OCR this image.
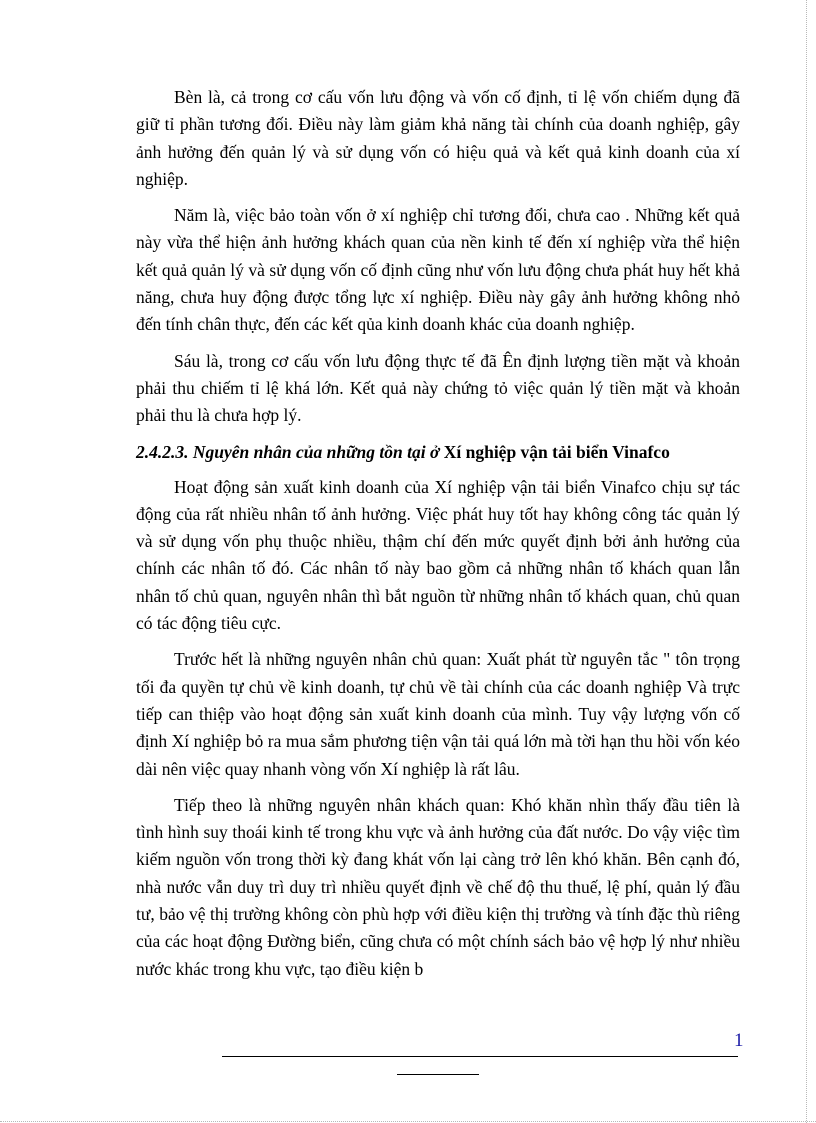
Bèn là, cả trong cơ cấu vốn lưu động và vốn cố định, tỉ lệ vốn chiếm dụng đã giữ tỉ phần tương đối. Điều này làm giảm khả năng tài chính của doanh nghiệp, gây ảnh hưởng đến quản lý và sử dụng vốn có hiệu quả và kết quả kinh doanh của xí nghiệp.

Năm là, việc bảo toàn vốn ở xí nghiệp chỉ tương đối, chưa cao . Những kết quả này vừa thể hiện ảnh hưởng khách quan của nền kinh tế đến xí nghiệp vừa thể hiện kết quả quản lý và sử dụng vốn cố định cũng như vốn lưu động chưa phát huy hết khả năng, chưa huy động được tổng lực xí nghiệp. Điều này gây ảnh hưởng không nhỏ đến tính chân thực, đến các kết qủa kinh doanh khác của doanh nghiệp.

Sáu là, trong cơ cấu vốn lưu động thực tế đã Ên định lượng tiền mặt và khoản phải thu chiếm tỉ lệ khá lớn. Kết quả này chứng tỏ việc quản lý tiền mặt và khoản phải thu là chưa hợp lý.

2.4.2.3. Nguyên nhân của những tồn tại ở Xí nghiệp vận tải biển Vinafco

Hoạt động sản xuất kinh doanh của Xí nghiệp vận tải biển Vinafco chịu sự tác động của rất nhiều nhân tố ảnh hưởng. Việc phát huy tốt hay không công tác quản lý và sử dụng vốn phụ thuộc nhiều, thậm chí đến mức quyết định bởi ảnh hưởng của chính các nhân tố đó. Các nhân tố này bao gồm cả những nhân tố khách quan lẫn nhân tố chủ quan, nguyên nhân thì bắt nguồn từ những nhân tố khách quan, chủ quan có tác động tiêu cực.

Trước hết là những nguyên nhân chủ quan: Xuất phát từ nguyên tắc " tôn trọng tối đa quyền tự chủ về kinh doanh, tự chủ về tài chính của các doanh nghiệp Và trực tiếp can thiệp vào hoạt động sản xuất kinh doanh của mình. Tuy vậy lượng vốn cố định Xí nghiệp bỏ ra mua sắm phương tiện vận tải quá lớn mà tời hạn thu hồi vốn kéo dài nên việc quay nhanh vòng vốn Xí nghiệp là rất lâu.

Tiếp theo là những nguyên nhân khách quan: Khó khăn nhìn thấy đầu tiên là tình hình suy thoái kinh tế trong khu vực và ảnh hưởng của đất nước. Do vậy việc tìm kiếm nguồn vốn trong thời kỳ đang khát vốn lại càng trở lên khó khăn. Bên cạnh đó, nhà nước vẫn duy trì duy trì nhiều quyết định về chế độ thu thuế, lệ phí, quản lý đầu tư, bảo vệ thị trường không còn phù hợp với điều kiện thị trường và tính đặc thù riêng của các hoạt động Đường biển, cũng chưa có một chính sách bảo vệ hợp lý như nhiều nước khác trong khu vực, tạo điều kiện b

1
